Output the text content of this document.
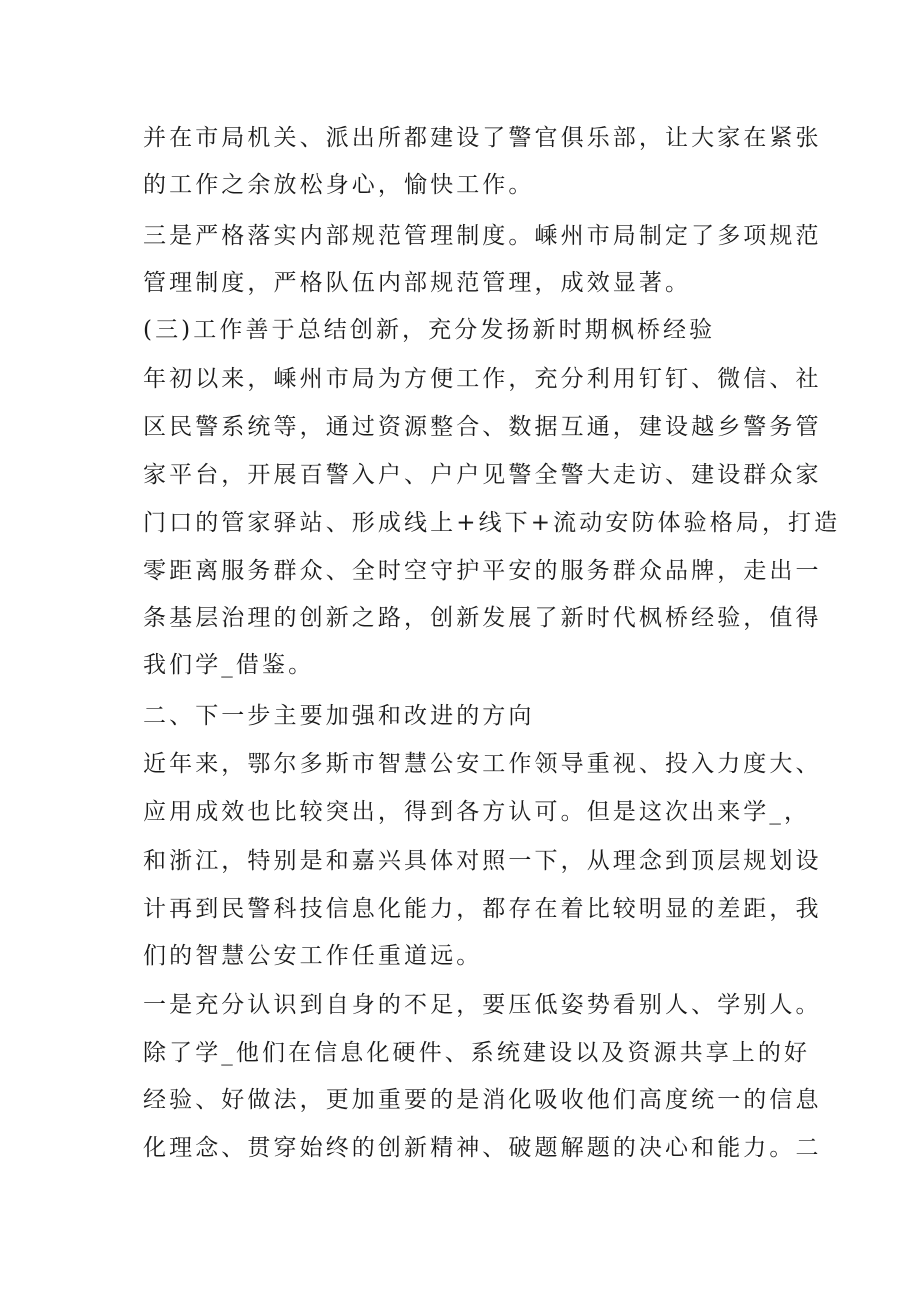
并在市局机关、派出所都建设了警官俱乐部，让大家在紧张
的工作之余放松身心，愉快工作。
三是严格落实内部规范管理制度。嵊州市局制定了多项规范
管理制度，严格队伍内部规范管理，成效显著。
(三)工作善于总结创新，充分发扬新时期枫桥经验
年初以来，嵊州市局为方便工作，充分利用钉钉、微信、社
区民警系统等，通过资源整合、数据互通，建设越乡警务管
家平台，开展百警入户、户户见警全警大走访、建设群众家
门口的管家驿站、形成线上+线下+流动安防体验格局，打造
零距离服务群众、全时空守护平安的服务群众品牌，走出一
条基层治理的创新之路，创新发展了新时代枫桥经验，值得
我们学_借鉴。
二、下一步主要加强和改进的方向
近年来，鄂尔多斯市智慧公安工作领导重视、投入力度大、
应用成效也比较突出，得到各方认可。但是这次出来学_，
和浙江，特别是和嘉兴具体对照一下，从理念到顶层规划设
计再到民警科技信息化能力，都存在着比较明显的差距，我
们的智慧公安工作任重道远。
一是充分认识到自身的不足，要压低姿势看别人、学别人。
除了学_他们在信息化硬件、系统建设以及资源共享上的好
经验、好做法，更加重要的是消化吸收他们高度统一的信息
化理念、贯穿始终的创新精神、破题解题的决心和能力。二
